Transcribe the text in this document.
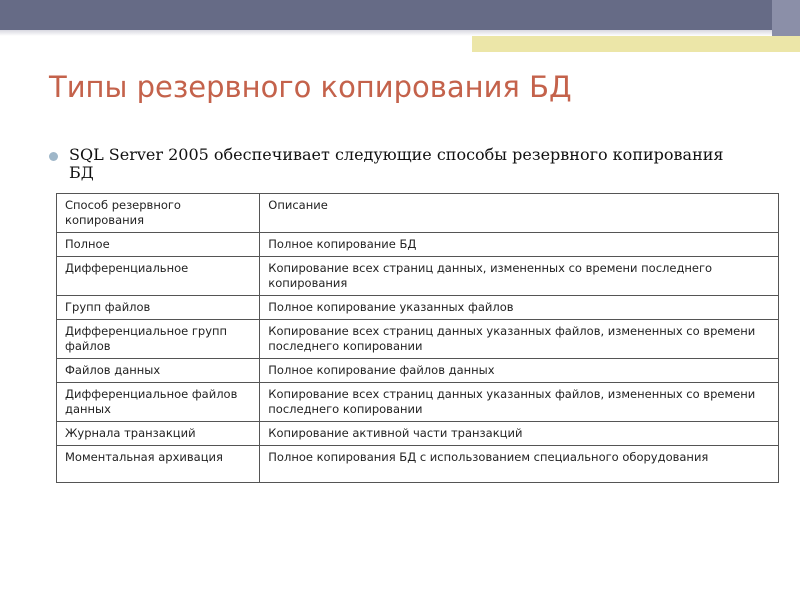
Типы резервного копирования БД
SQL Server 2005 обеспечивает следующие способы резервного копирования БД
Способ резервного копирования	Описание
Полное	Полное копирование БД
Дифференциальное	Копирование всех страниц данных, измененных со времени последнего копирования
Групп файлов	Полное копирование указанных файлов
Дифференциальное групп файлов	Копирование всех страниц данных указанных файлов, измененных со времени последнего копировании
Файлов данных	Полное копирование файлов данных
Дифференциальное файлов данных	Копирование всех страниц данных указанных файлов, измененных со времени последнего копировании
Журнала транзакций	Копирование активной части транзакций
Моментальная архивация	Полное копирования БД с использованием специального оборудования
